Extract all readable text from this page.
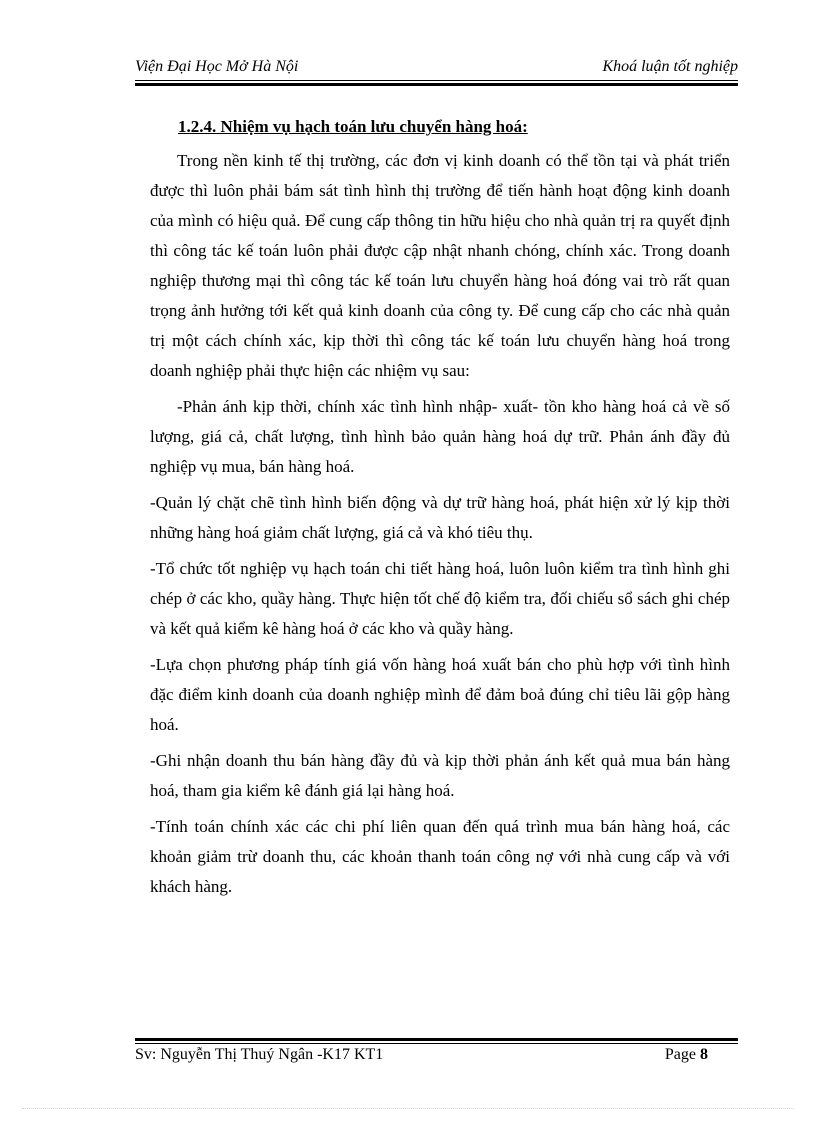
Viện Đại Học Mở Hà Nội	Khoá luận tốt nghiệp
1.2.4. Nhiệm vụ hạch toán lưu chuyển hàng hoá:

Trong nền kinh tế thị trường, các đơn vị kinh doanh có thể tồn tại và phát triển được thì luôn phải bám sát tình hình thị trường để tiến hành hoạt động kinh doanh của mình có hiệu quả. Để cung cấp thông tin hữu hiệu cho nhà quản trị ra quyết định thì công tác kế toán luôn phải được cập nhật nhanh chóng, chính xác. Trong doanh nghiệp thương mại thì công tác kế toán lưu chuyển hàng hoá đóng vai trò rất quan trọng ảnh hưởng tới kết quả kinh doanh của công ty. Để cung cấp cho các nhà quản trị một cách chính xác, kịp thời thì công tác kế toán lưu chuyển hàng hoá trong doanh nghiệp phải thực hiện các nhiệm vụ sau:

-Phản ánh kịp thời, chính xác tình hình nhập- xuất- tồn kho hàng hoá cả về số lượng, giá cả, chất lượng, tình hình bảo quản hàng hoá dự trữ. Phản ánh đầy đủ nghiệp vụ mua, bán hàng hoá.

-Quản lý chặt chẽ tình hình biến động và dự trữ hàng hoá, phát hiện xử lý kịp thời những hàng hoá giảm chất lượng, giá cả và khó tiêu thụ.

-Tổ chức tốt nghiệp vụ hạch toán chi tiết hàng hoá, luôn luôn kiểm tra tình hình ghi chép ở các kho, quầy hàng. Thực hiện tốt chế độ kiểm tra, đối chiếu sổ sách ghi chép và kết quả kiểm kê hàng hoá ở các kho và quầy hàng.

-Lựa chọn phương pháp tính giá vốn hàng hoá xuất bán cho phù hợp với tình hình đặc điểm kinh doanh của doanh nghiệp mình để đảm boả đúng chỉ tiêu lãi gộp hàng hoá.

-Ghi nhận doanh thu bán hàng đầy đủ và kịp thời phản ánh kết quả mua bán hàng hoá, tham gia kiểm kê đánh giá lại hàng hoá.

-Tính toán chính xác các chi phí liên quan đến quá trình mua bán hàng hoá, các khoản giảm trừ doanh thu, các khoản thanh toán công nợ với nhà cung cấp và với khách hàng.

Sv: Nguyễn Thị Thuý Ngân -K17 KT1	Page 8
